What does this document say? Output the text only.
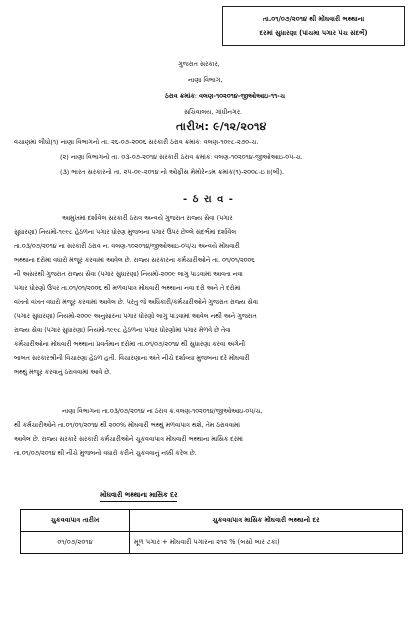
તા.૦૧/૦૭/૨૦૧૪ થી મોંઘવારી ભથ્થાના
દરમાં સુધારણા (પાંચમા પગાર પંચ સંદર્ભે)
ગુજરાત સરકાર,
નાણા વિભાગ,
ઠરાવ ક્રમાંકઃ વલણ-૧૦૨૦૧૪-જીઓઆઇ-૧૧-ચ
સચિવાલય, ગાંધીનગર.
તારીખ: ૯/૧૨/૨૦૧૪
વંચાણમાં લીધો(૧) નાણા વિભાગનો તા. ૨૬-૦૭-૨૦૦૬ સરકારી ઠરાવ ક્રમાંકઃ વલણ-૧૦૯૮-૨૭૦-ચ.
(૨) નાણા વિભાગનો તા. ૦૩-૦૭-૨૦૧૪ સરકારી ઠરાવ ક્રમાંકઃ વલણ-૧૦૨૦૧૪-જીઓઆઇ-૦૫-ચ.
(૩) ભારત સરકારનો તા. ૨૫-૦૯-૨૦૧૪ નો ઓફીસ મેમોરેન્ડમ ક્રમાંક(૧)-૨૦૦૮-ઇ ।।(બી).
- ઠ રા વ -

આમુખમાં દર્શાવેલ સરકારી ઠરાવ અન્વયે ગુજરાત રાજ્ય સેવા (પગાર

સુધારણા) નિયમો-૧૯૯૮ હેઠળના પગાર ધોરણ મુજબના પગાર ઉપર છેલ્લે સંદર્ભમાં દર્શાવેલ

તા.૦૩/૦૭/૨૦૧૪ ના સરકારી ઠરાવ ન. વલણ-૧૦૨૦૧૪/જીઓઆઇ-૦૫/ચ અન્વયે મોંઘવારી

ભથ્થાના દરોમાં વધારો મંજૂર કરવામાં આવેલ છે. રાજ્ય સરકારના કર્મચારીઓને તા. ૦૧/૦૧/૨૦૦૬

ની અસરથી ગુજરાત રાજ્ય સેવા (પગાર સુધારણા) નિયમો-૨૦૦૯ લાગુ પાડવામાં આવતા નવા

પગાર ધોરણો ઉપર તા.૦૧/૦૧/૨૦૦૬ થી મળવાપાત્ર મોંઘવારી ભથ્થાના નવા દરો અને તે દરોમાં

વખતો વખત વધારો મંજૂર કરવામાં આવેલ છે. પરંતુ જે અધિકારી/કર્મચારીઓને ગુજરાત રાજ્ય સેવા

(પગાર સુધારણા) નિયમો-૨૦૦૯ અનુસારના પગાર ધોરણો લાગુ પાડવામાં આવેલ નથી અને ગુજરાત

રાજ્ય સેવા (પગાર સુધારણા) નિયમો-૧૯૯૮ હેઠળના પગાર ધોરણોમાં પગાર મેળવે છે તેવા

કર્મચારીઓના મોંઘવારી ભથ્થાના પ્રવર્તમાન દરોમાં તા.૦૧/૦૭/૨૦૧૪ થી સુધારણા કરવા અંગેની

બાબત સરકારશ્રીની વિચારણા હેઠળ હતી. વિચારણાના અંતે નીચે દર્શાવ્યા મુજબના દરે મોંઘવારી

ભથ્થું મંજૂર કરવાનું ઠરાવવામાં આવે છે.

નાણા વિભાગના તા.૦૩/૦૭/૨૦૧૪ ના ઠરાવ ક્ર.વલણ-૧૦૨૦૧૪/જીઓઆઇ-૦૫/ચ,

થી કર્મચારીઓને તા.૦૧/૦૧/૨૦૧૪ થી ૨૦૦% મોંઘવારી ભથ્થું મળવાપાત્ર થશે, તેમ ઠરાવવામાં

આવેલ છે. રાજ્ય સરકારે સરકારી કર્મચારીઓને ચૂકવવાપાત્ર મોંઘવારી ભથ્થાના માસિક દરમાં

તા.૦૧/૦૭/૨૦૧૪ થી નીચે મુજબનો વધારો કરીને ચુકવવાનું નક્કી કરેલ છે.

મોંઘવારી ભથ્થાના માસિક દર
ચુકવવાપાત્ર તારીખ	ચુકવવાપાત્ર માસિક મોંઘવારી ભથ્થાનો દર
૦૧/૦૭/૨૦૧૪	મૂળ પગાર + મોંઘવારી પગારના ૨૧૨ % (બસો બાર ટકા)
